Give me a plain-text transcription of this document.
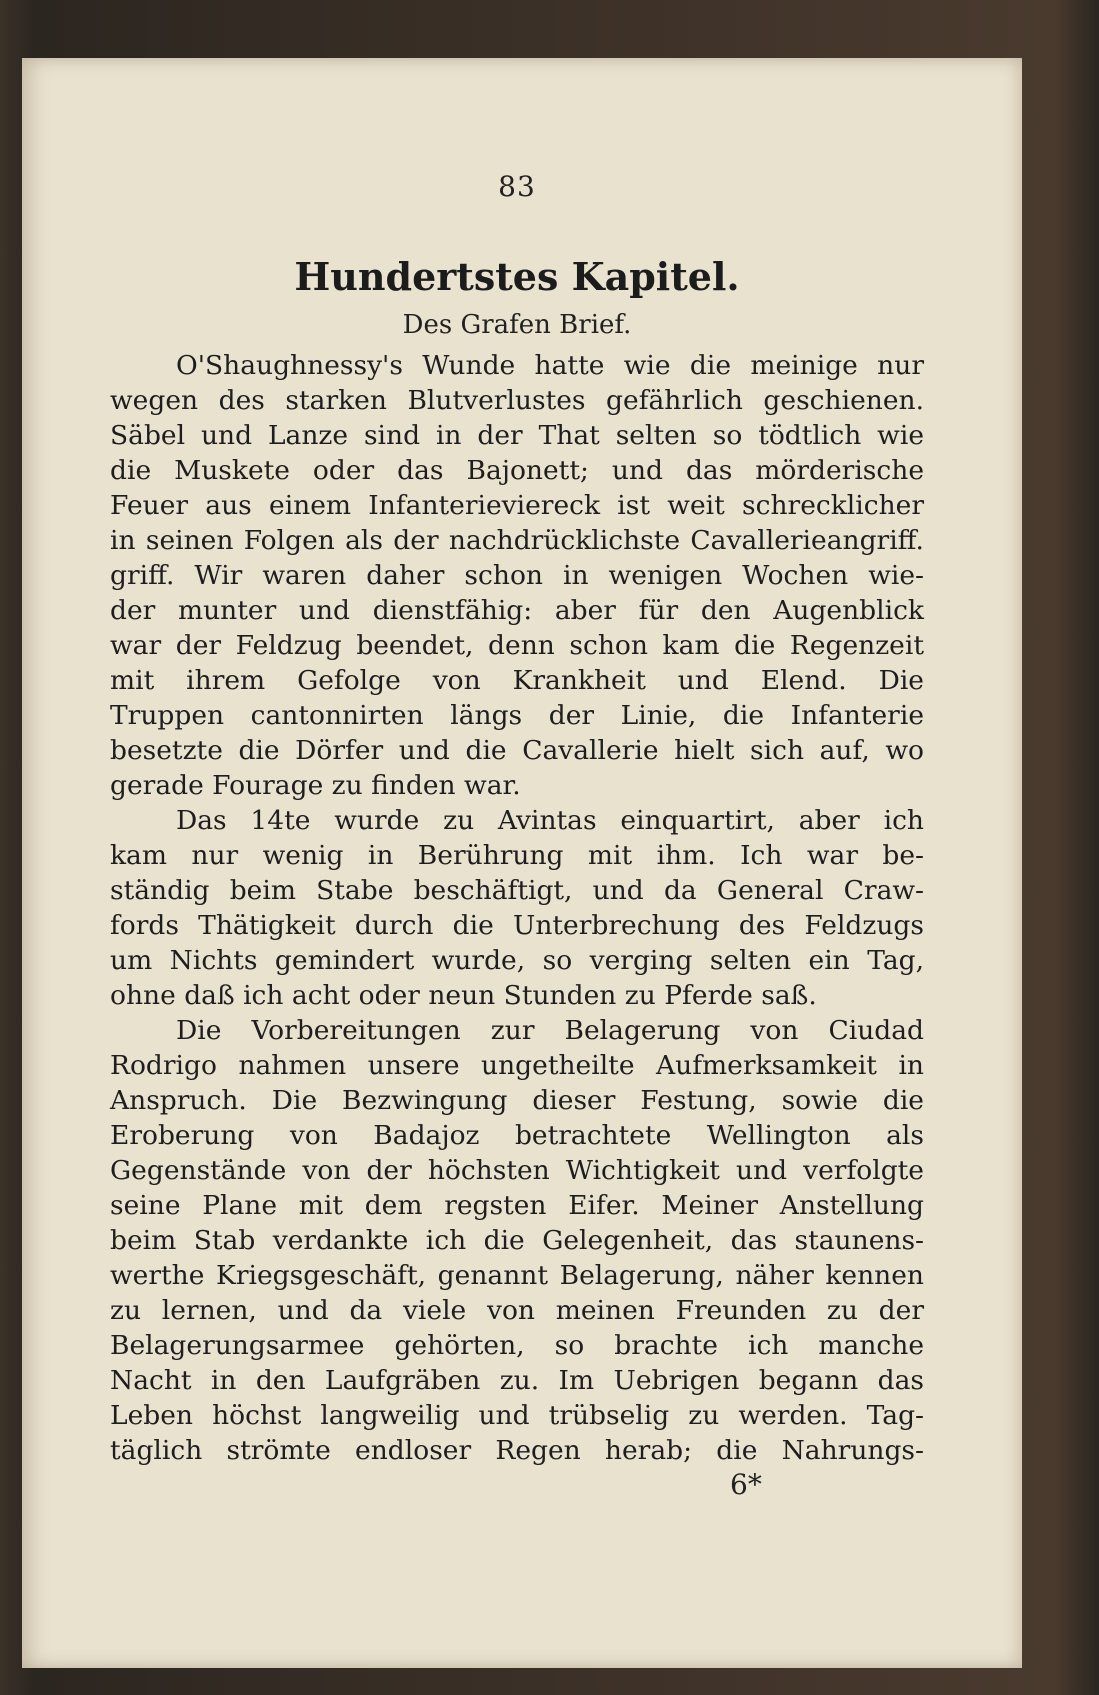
83
Hundertstes Kapitel.
Des Grafen Brief.
O'Shaughnessy's Wunde hatte wie die meinige nur
wegen des starken Blutverlustes gefährlich geschienen.
Säbel und Lanze sind in der That selten so tödtlich wie
die Muskete oder das Bajonett; und das mörderische
Feuer aus einem Infanterieviereck ist weit schrecklicher
in seinen Folgen als der nachdrücklichste Cavallerieangriff.
griff. Wir waren daher schon in wenigen Wochen wie-
der munter und dienstfähig: aber für den Augenblick
war der Feldzug beendet, denn schon kam die Regenzeit
mit ihrem Gefolge von Krankheit und Elend. Die
Truppen cantonnirten längs der Linie, die Infanterie
besetzte die Dörfer und die Cavallerie hielt sich auf, wo
gerade Fourage zu finden war.
Das 14te wurde zu Avintas einquartirt, aber ich
kam nur wenig in Berührung mit ihm. Ich war be-
ständig beim Stabe beschäftigt, und da General Craw-
fords Thätigkeit durch die Unterbrechung des Feldzugs
um Nichts gemindert wurde, so verging selten ein Tag,
ohne daß ich acht oder neun Stunden zu Pferde saß.
Die Vorbereitungen zur Belagerung von Ciudad
Rodrigo nahmen unsere ungetheilte Aufmerksamkeit in
Anspruch. Die Bezwingung dieser Festung, sowie die
Eroberung von Badajoz betrachtete Wellington als
Gegenstände von der höchsten Wichtigkeit und verfolgte
seine Plane mit dem regsten Eifer. Meiner Anstellung
beim Stab verdankte ich die Gelegenheit, das staunens-
werthe Kriegsgeschäft, genannt Belagerung, näher kennen
zu lernen, und da viele von meinen Freunden zu der
Belagerungsarmee gehörten, so brachte ich manche
Nacht in den Laufgräben zu. Im Uebrigen begann das
Leben höchst langweilig und trübselig zu werden. Tag-
täglich strömte endloser Regen herab; die Nahrungs-
6*
